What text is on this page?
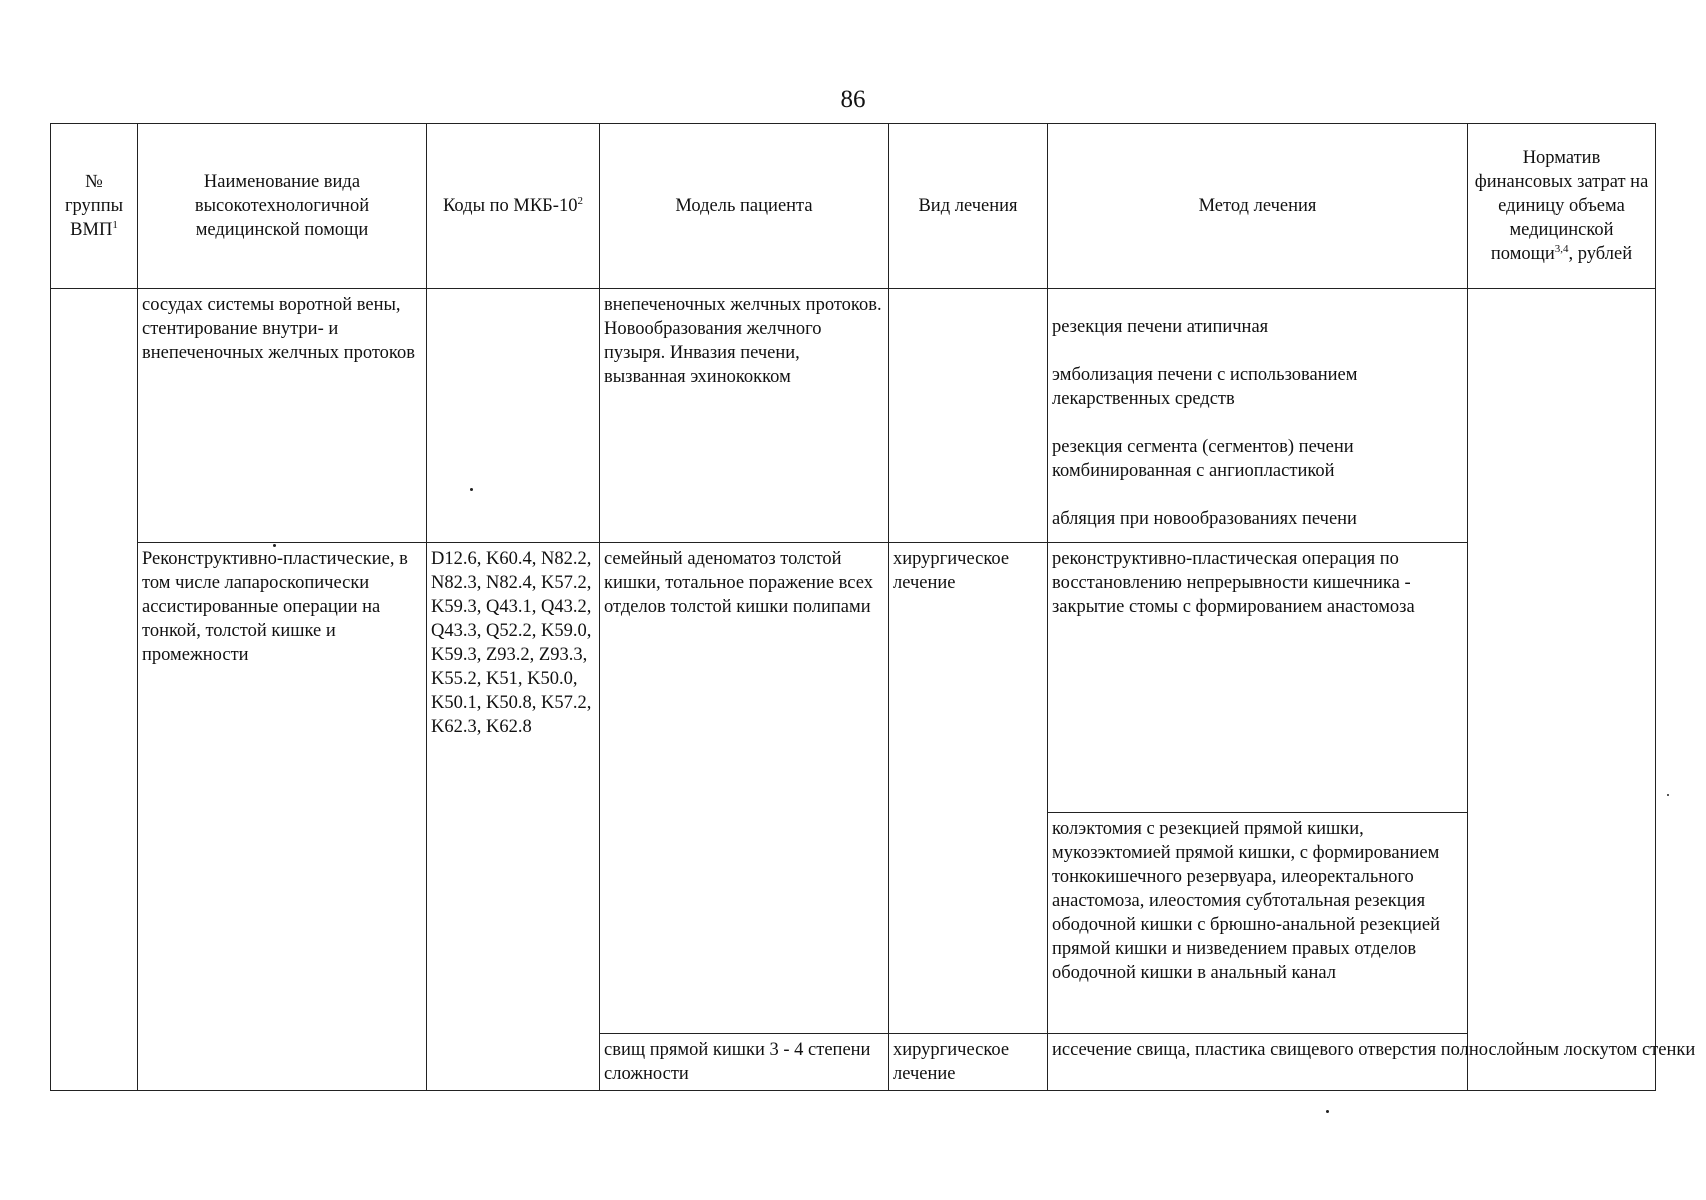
86
№ группы ВМП$^1$	Наименование вида высокотехнологичной медицинской помощи	Коды по МКБ-$10^2$	Модель пациента	Вид лечения	Метод лечения	Норматив финансовых затрат на единицу объема медицинской помощи$^{3,4}$, рублей
	сосудах системы воротной вены, стентирование внутри- и внепеченочных желчных протоков		внепеченочных желчных протоков. Новообразования желчного пузыря. Инвазия печени, вызванная эхинококком		резекция печени атипичная

эмболизация печени с использованием лекарственных средств

резекция сегмента (сегментов) печени комбинированная с ангиопластикой

абляция при новообразованиях печени	

	Реконструктивно-пластические, в том числе лапароскопически ассистированные операции на тонкой, толстой кишке и промежности	D12.6, K60.4, N82.2, N82.3, N82.4, K57.2, K59.3, Q43.1, Q43.2, Q43.3, Q52.2, K59.0, K59.3, Z93.2, Z93.3, K55.2, K51, K50.0, K50.1, K50.8, K57.2, K62.3, K62.8	семейный аденоматоз толстой кишки, тотальное поражение всех отделов толстой кишки полипами	хирургическое лечение	реконструктивно-пластическая операция по восстановлению непрерывности кишечника - закрытие стомы с формированием анастомоза	
					колэктомия с резекцией прямой кишки, мукозэктомией прямой кишки, с формированием тонкокишечного резервуара, илеоректального анастомоза, илеостомия субтотальная резекция ободочной кишки с брюшно-анальной резекцией прямой кишки и низведением правых отделов ободочной кишки в анальный канал	
			свищ прямой кишки 3 - 4 степени сложности	хирургическое лечение	иссечение свища, пластика свищевого отверстия полнослойным лоскутом стенки	
